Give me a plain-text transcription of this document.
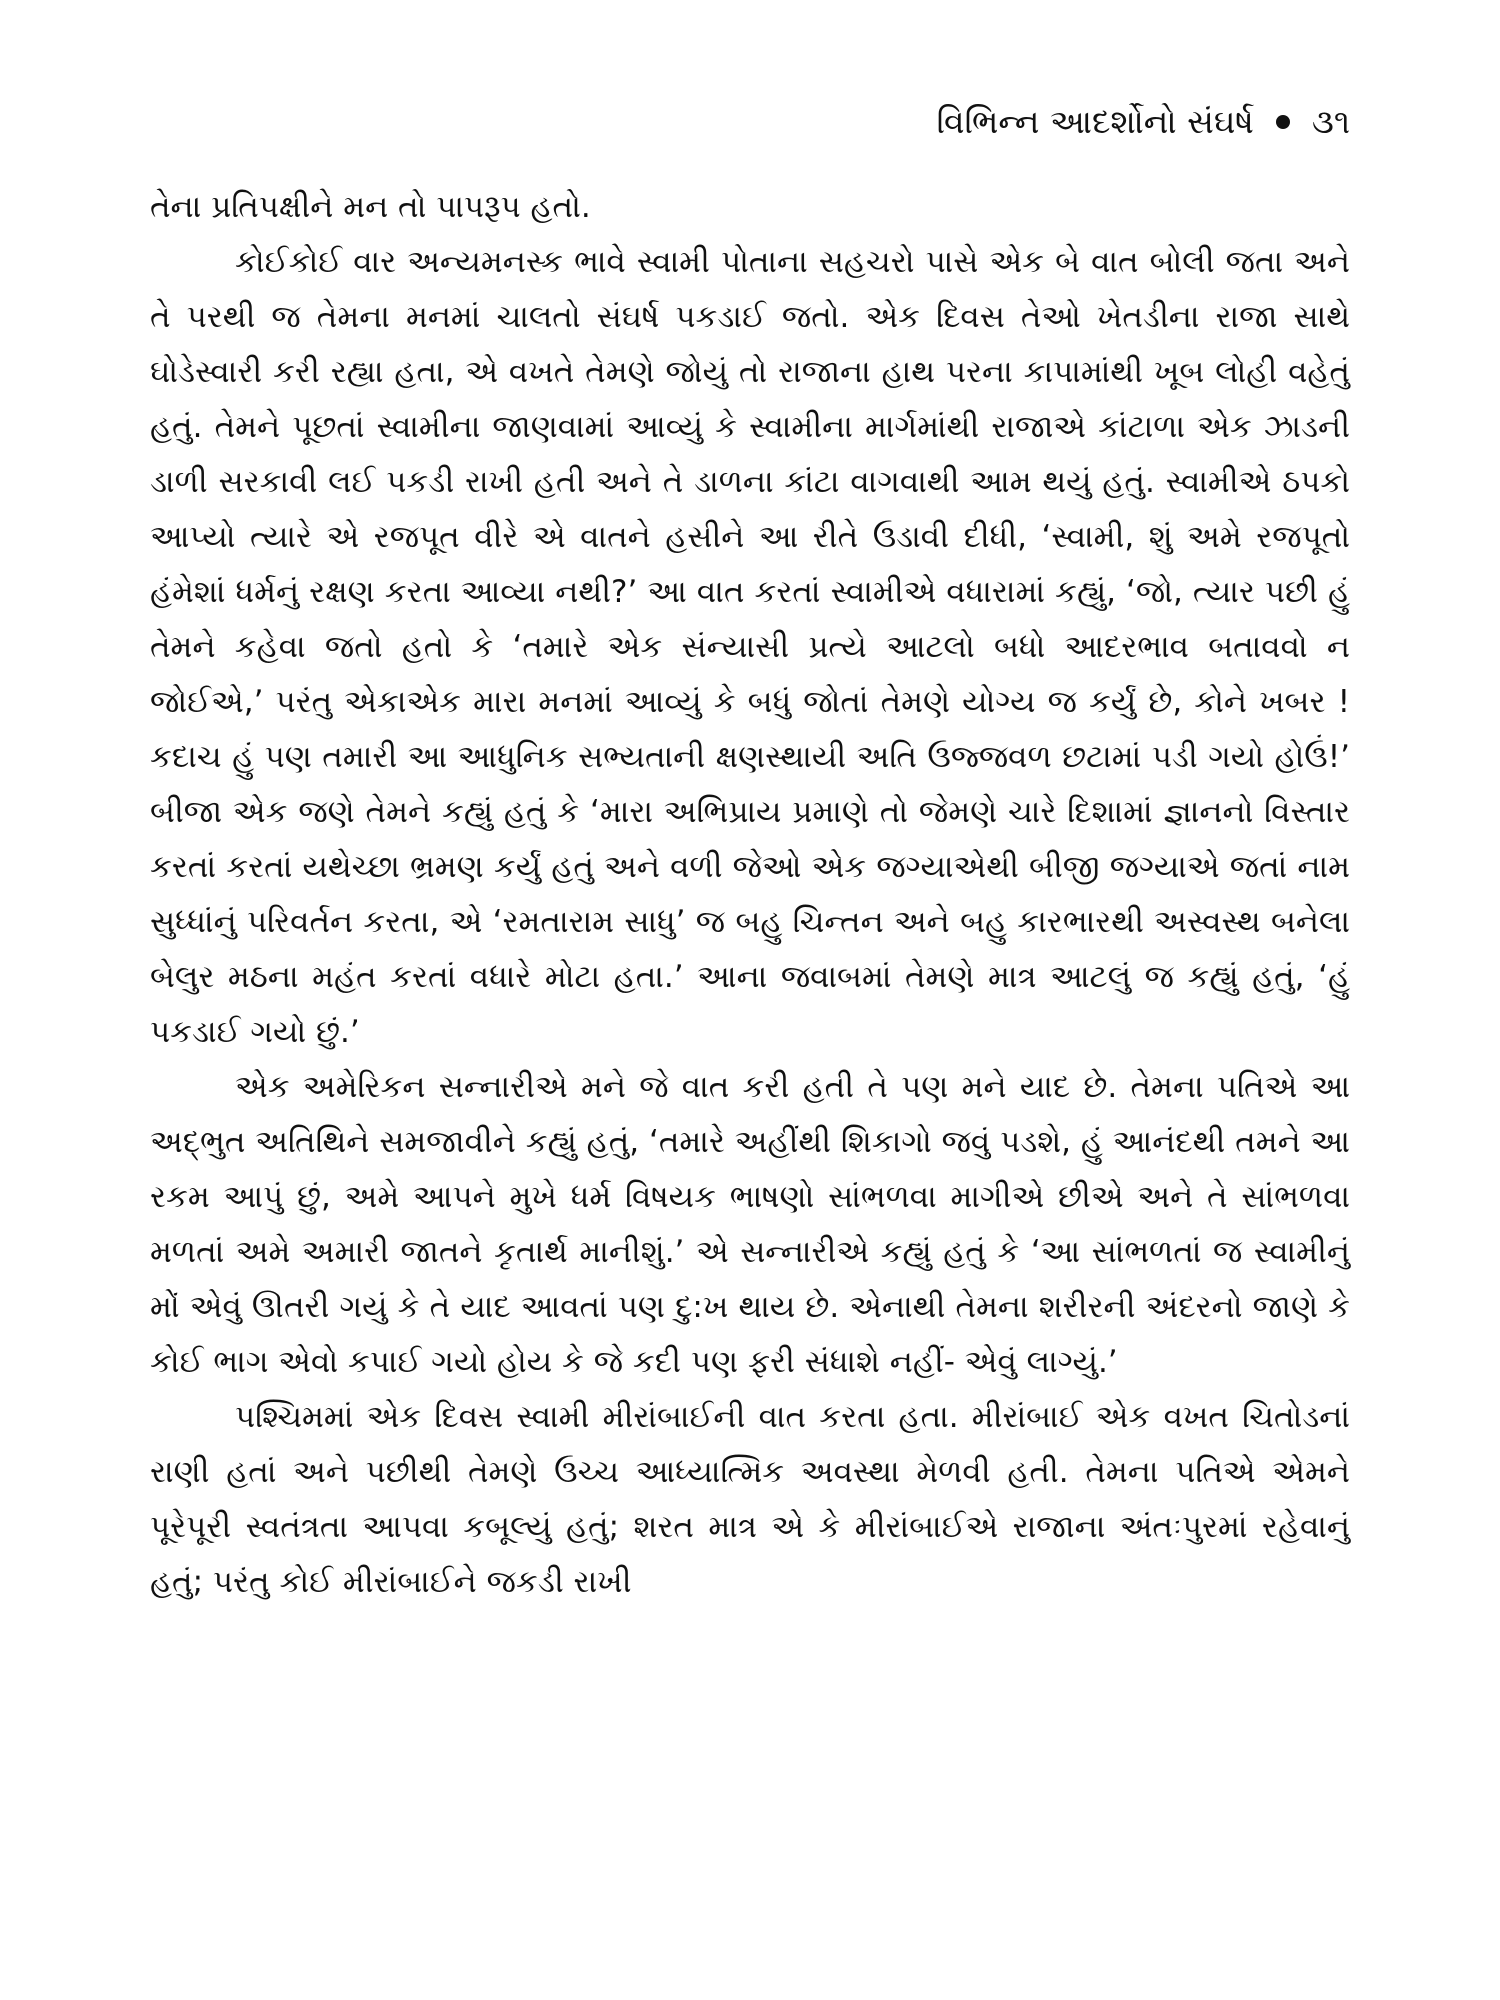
વિભિન્ન આદર્શોનો સંઘર્ષ ૩૧

તેના પ્રતિપક્ષીને મન તો પાપરૂપ હતો.

કોઈકોઈ વાર અન્યમનસ્ક ભાવે સ્વામી પોતાના સહચરો પાસે એક બે વાત બોલી જતા અને તે પરથી જ તેમના મનમાં ચાલતો સંઘર્ષ પકડાઈ જતો. એક દિવસ તેઓ ખેતડીના રાજા સાથે ઘોડેસ્વારી કરી રહ્યા હતા, એ વખતે તેમણે જોયું તો રાજાના હાથ પરના કાપામાંથી ખૂબ લોહી વહેતું હતું. તેમને પૂછતાં સ્વામીના જાણવામાં આવ્યું કે સ્વામીના માર્ગમાંથી રાજાએ કાંટાળા એક ઝાડની ડાળી સરકાવી લઈ પકડી રાખી હતી અને તે ડાળના કાંટા વાગવાથી આમ થયું હતું. સ્વામીએ ઠપકો આપ્યો ત્યારે એ રજપૂત વીરે એ વાતને હસીને આ રીતે ઉડાવી દીધી, ‘સ્વામી, શું અમે રજપૂતો હંમેશાં ધર્મનું રક્ષણ કરતા આવ્યા નથી?’ આ વાત કરતાં સ્વામીએ વધારામાં કહ્યું, ‘જો, ત્યાર પછી હું તેમને કહેવા જતો હતો કે ‘તમારે એક સંન્યાસી પ્રત્યે આટલો બધો આદરભાવ બતાવવો ન જોઈએ,’ પરંતુ એકાએક મારા મનમાં આવ્યું કે બધું જોતાં તેમણે યોગ્ય જ કર્યું છે, કોને ખબર ! કદાચ હું પણ તમારી આ આધુનિક સભ્યતાની ક્ષણસ્થાયી અતિ ઉજ્જવળ છટામાં પડી ગયો હોઉં!’ બીજા એક જણે તેમને કહ્યું હતું કે ‘મારા અભિપ્રાય પ્રમાણે તો જેમણે ચારે દિશામાં જ્ઞાનનો વિસ્તાર કરતાં કરતાં યથેચ્છા ભ્રમણ કર્યું હતું અને વળી જેઓ એક જગ્યાએથી બીજી જગ્યાએ જતાં નામ સુધ્ધાંનું પરિવર્તન કરતા, એ ‘રમતારામ સાધુ’ જ બહુ ચિન્તન અને બહુ કારભારથી અસ્વસ્થ બનેલા બેલુર મઠના મહંત કરતાં વધારે મોટા હતા.’ આના જવાબમાં તેમણે માત્ર આટલું જ કહ્યું હતું, ‘હું પકડાઈ ગયો છું.’

એક અમેરિકન સન્નારીએ મને જે વાત કરી હતી તે પણ મને યાદ છે. તેમના પતિએ આ અદ્ભુત અતિથિને સમજાવીને કહ્યું હતું, ‘તમારે અહીંથી શિકાગો જવું પડશે, હું આનંદથી તમને આ રકમ આપું છું, અમે આપને મુખે ધર્મ વિષયક ભાષણો સાંભળવા માગીએ છીએ અને તે સાંભળવા મળતાં અમે અમારી જાતને કૃતાર્થ માનીશું.’ એ સન્નારીએ કહ્યું હતું કે ‘આ સાંભળતાં જ સ્વામીનું મોં એવું ઊતરી ગયું કે તે યાદ આવતાં પણ દુ:ખ થાય છે. એનાથી તેમના શરીરની અંદરનો જાણે કે કોઈ ભાગ એવો કપાઈ ગયો હોય કે જે કદી પણ ફરી સંધાશે નહીં- એવું લાગ્યું.’

પશ્ચિમમાં એક દિવસ સ્વામી મીરાંબાઈની વાત કરતા હતા. મીરાંબાઈ એક વખત ચિતોડનાં રાણી હતાં અને પછીથી તેમણે ઉચ્ચ આધ્યાત્મિક અવસ્થા મેળવી હતી. તેમના પતિએ એમને પૂરેપૂરી સ્વતંત્રતા આપવા કબૂલ્યું હતું; શરત માત્ર એ કે મીરાંબાઈએ રાજાના અંતઃપુરમાં રહેવાનું હતું; પરંતુ કોઈ મીરાંબાઈને જકડી રાખી
